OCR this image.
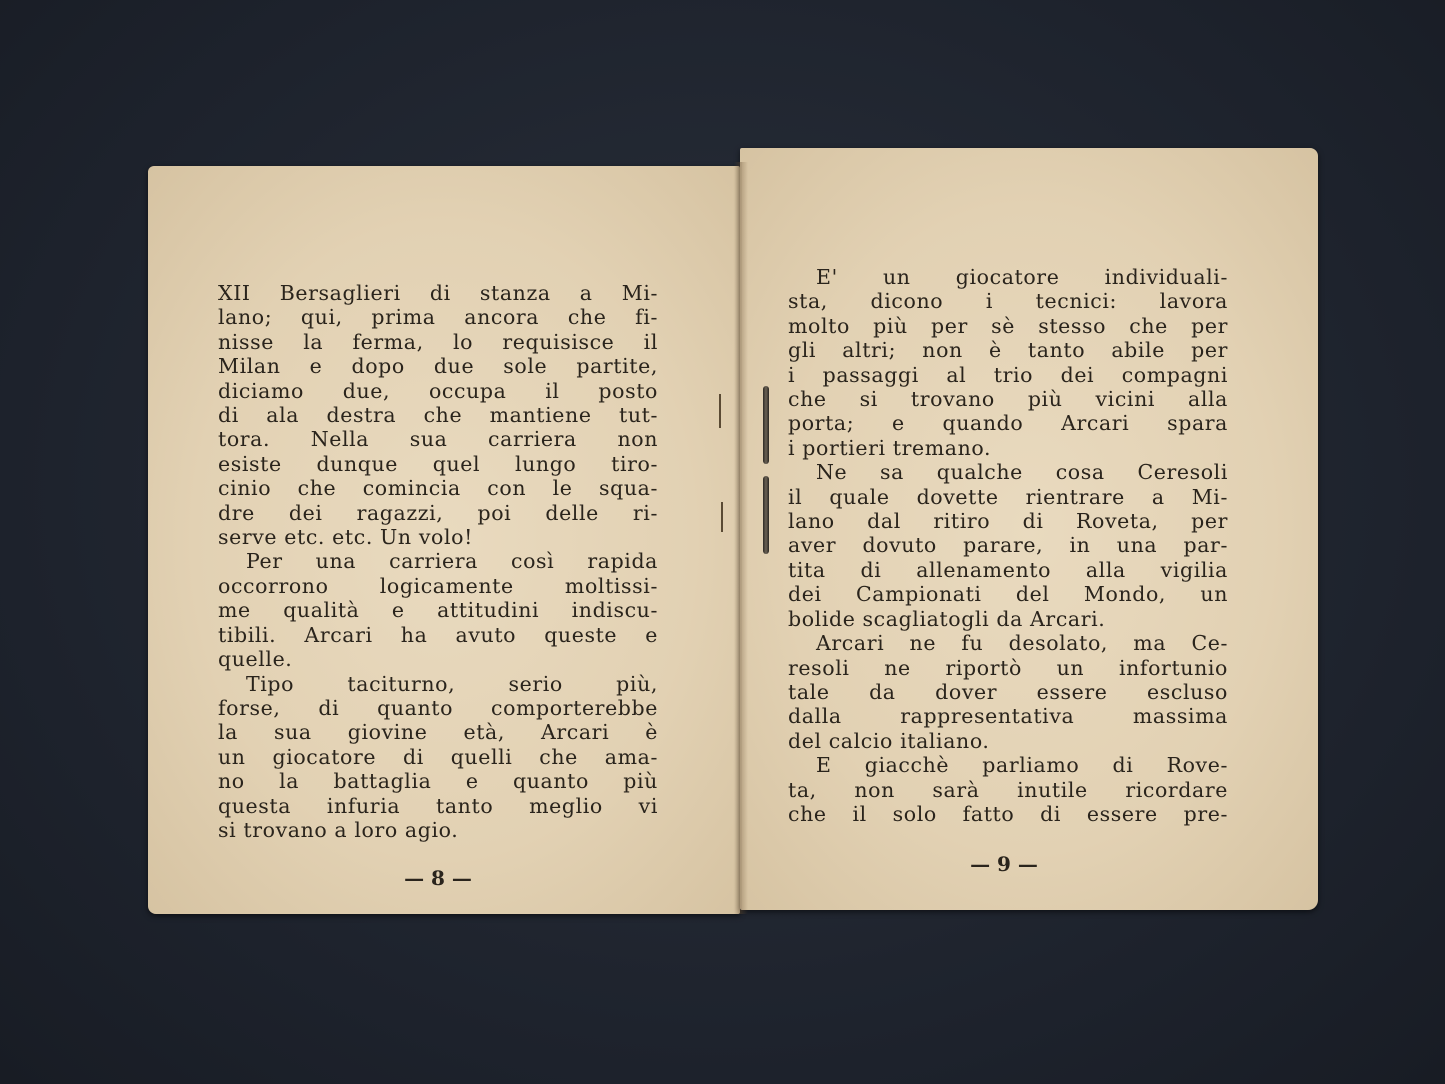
XII Bersaglieri di stanza a Mi-

lano; qui, prima ancora che fi-

nisse la ferma, lo requisisce il

Milan e dopo due sole partite,

diciamo due, occupa il posto

di ala destra che mantiene tut-

tora. Nella sua carriera non

esiste dunque quel lungo tiro-

cinio che comincia con le squa-

dre dei ragazzi, poi delle ri-

serve etc. etc. Un volo!

Per una carriera così rapida

occorrono logicamente moltissi-

me qualità e attitudini indiscu-

tibili. Arcari ha avuto queste e

quelle.

Tipo taciturno, serio più,

forse, di quanto comporterebbe

la sua giovine età, Arcari è

un giocatore di quelli che ama-

no la battaglia e quanto più

questa infuria tanto meglio vi

si trovano a loro agio.

— 8 —

E' un giocatore individuali-

sta, dicono i tecnici: lavora

molto più per sè stesso che per

gli altri; non è tanto abile per

i passaggi al trio dei compagni

che si trovano più vicini alla

porta; e quando Arcari spara

i portieri tremano.

Ne sa qualche cosa Ceresoli

il quale dovette rientrare a Mi-

lano dal ritiro di Roveta, per

aver dovuto parare, in una par-

tita di allenamento alla vigilia

dei Campionati del Mondo, un

bolide scagliatogli da Arcari.

Arcari ne fu desolato, ma Ce-

resoli ne riportò un infortunio

tale da dover essere escluso

dalla rappresentativa massima

del calcio italiano.

E giacchè parliamo di Rove-

ta, non sarà inutile ricordare

che il solo fatto di essere pre-

— 9 —
